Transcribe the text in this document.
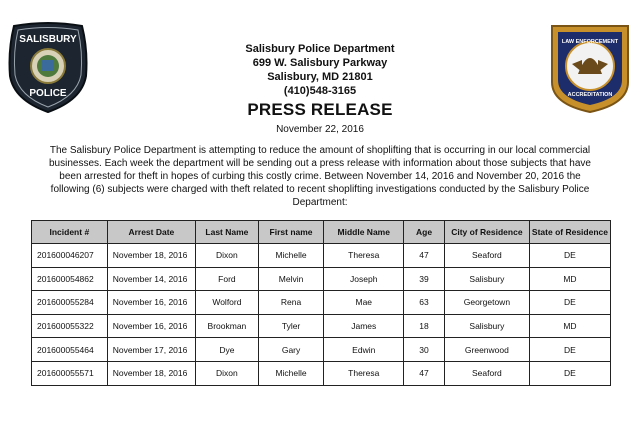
SALISBURY
POLICE
LAW ENFORCEMENT
ACCREDITATION
Salisbury Police Department
699 W. Salisbury Parkway
Salisbury, MD 21801
(410)548-3165
PRESS RELEASE
November 22, 2016
The Salisbury Police Department is attempting to reduce the amount of shoplifting that is occurring in our local commercial businesses. Each week the department will be sending out a press release with information about those subjects that have been arrested for theft in hopes of curbing this costly crime. Between November 14, 2016 and November 20, 2016 the following (6) subjects were charged with theft related to recent shoplifting investigations conducted by the Salisbury Police Department:
Incident #	Arrest Date	Last Name	First name	Middle Name	Age	City of Residence	State of Residence
201600046207	November 18, 2016	Dixon	Michelle	Theresa	47	Seaford	DE
201600054862	November 14, 2016	Ford	Melvin	Joseph	39	Salisbury	MD
201600055284	November 16, 2016	Wolford	Rena	Mae	63	Georgetown	DE
201600055322	November 16, 2016	Brookman	Tyler	James	18	Salisbury	MD
201600055464	November 17, 2016	Dye	Gary	Edwin	30	Greenwood	DE
201600055571	November 18, 2016	Dixon	Michelle	Theresa	47	Seaford	DE
